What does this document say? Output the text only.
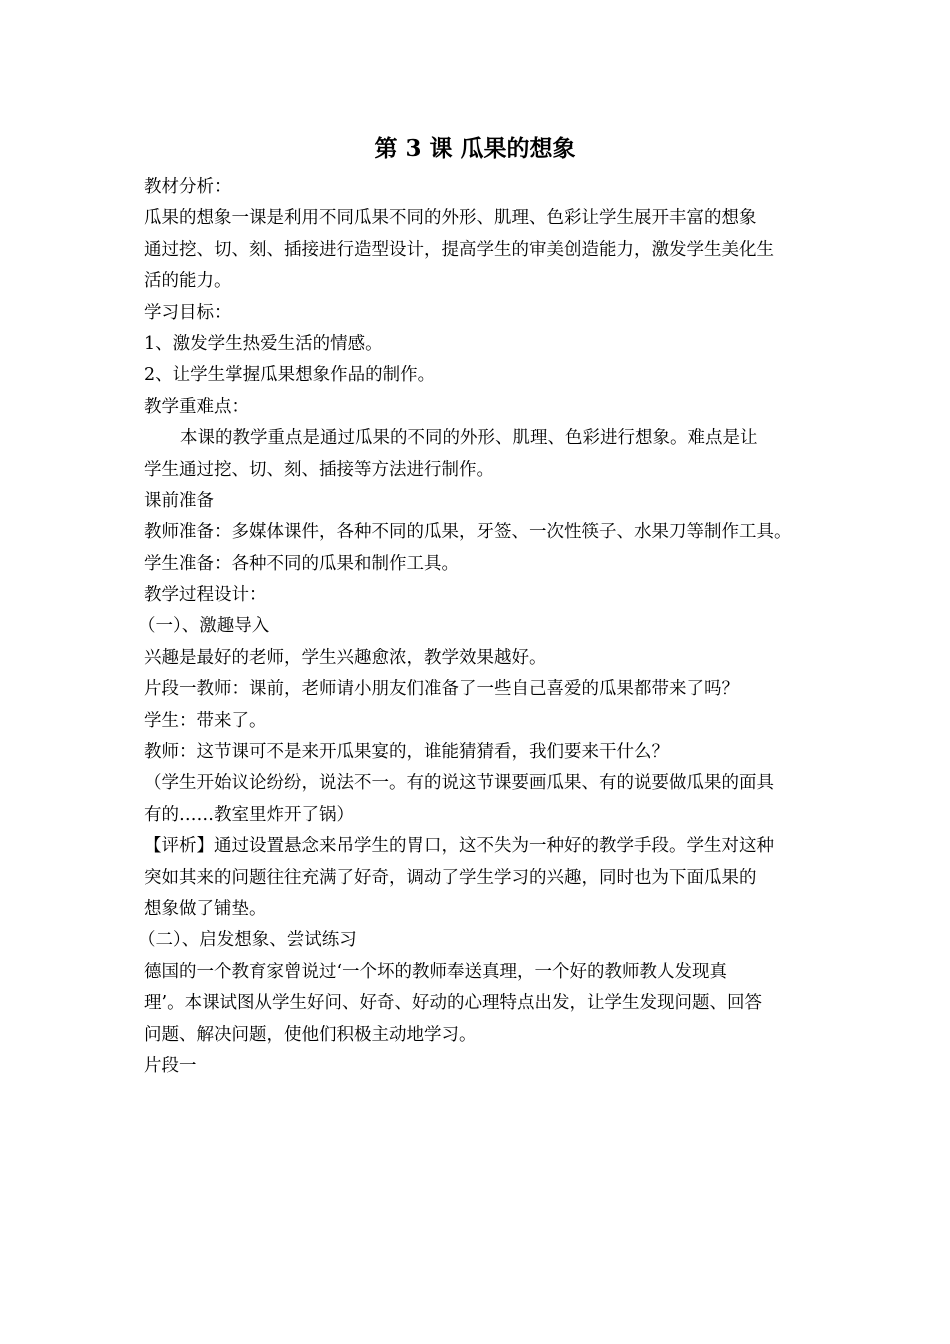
第 3 课 瓜果的想象
教材分析：
瓜果的想象一课是利用不同瓜果不同的外形、肌理、色彩让学生展开丰富的想象
通过挖、切、刻、插接进行造型设计，提高学生的审美创造能力，激发学生美化生
活的能力。
学习目标：
1、激发学生热爱生活的情感。
2、让学生掌握瓜果想象作品的制作。
教学重难点：
本课的教学重点是通过瓜果的不同的外形、肌理、色彩进行想象。难点是让
学生通过挖、切、刻、插接等方法进行制作。
课前准备
教师准备：多媒体课件，各种不同的瓜果，牙签、一次性筷子、水果刀等制作工具。
学生准备：各种不同的瓜果和制作工具。
教学过程设计：
（一）、激趣导入
兴趣是最好的老师，学生兴趣愈浓，教学效果越好。
片段一教师：课前，老师请小朋友们准备了一些自己喜爱的瓜果都带来了吗？
学生：带来了。
教师：这节课可不是来开瓜果宴的，谁能猜猜看，我们要来干什么？
（学生开始议论纷纷，说法不一。有的说这节课要画瓜果、有的说要做瓜果的面具
有的……教室里炸开了锅）
【评析】通过设置悬念来吊学生的胃口，这不失为一种好的教学手段。学生对这种
突如其来的问题往往充满了好奇，调动了学生学习的兴趣，同时也为下面瓜果的
想象做了铺垫。
（二）、启发想象、尝试练习
德国的一个教育家曾说过‘一个坏的教师奉送真理，一个好的教师教人发现真
理’。本课试图从学生好问、好奇、好动的心理特点出发，让学生发现问题、回答
问题、解决问题，使他们积极主动地学习。
片段一
